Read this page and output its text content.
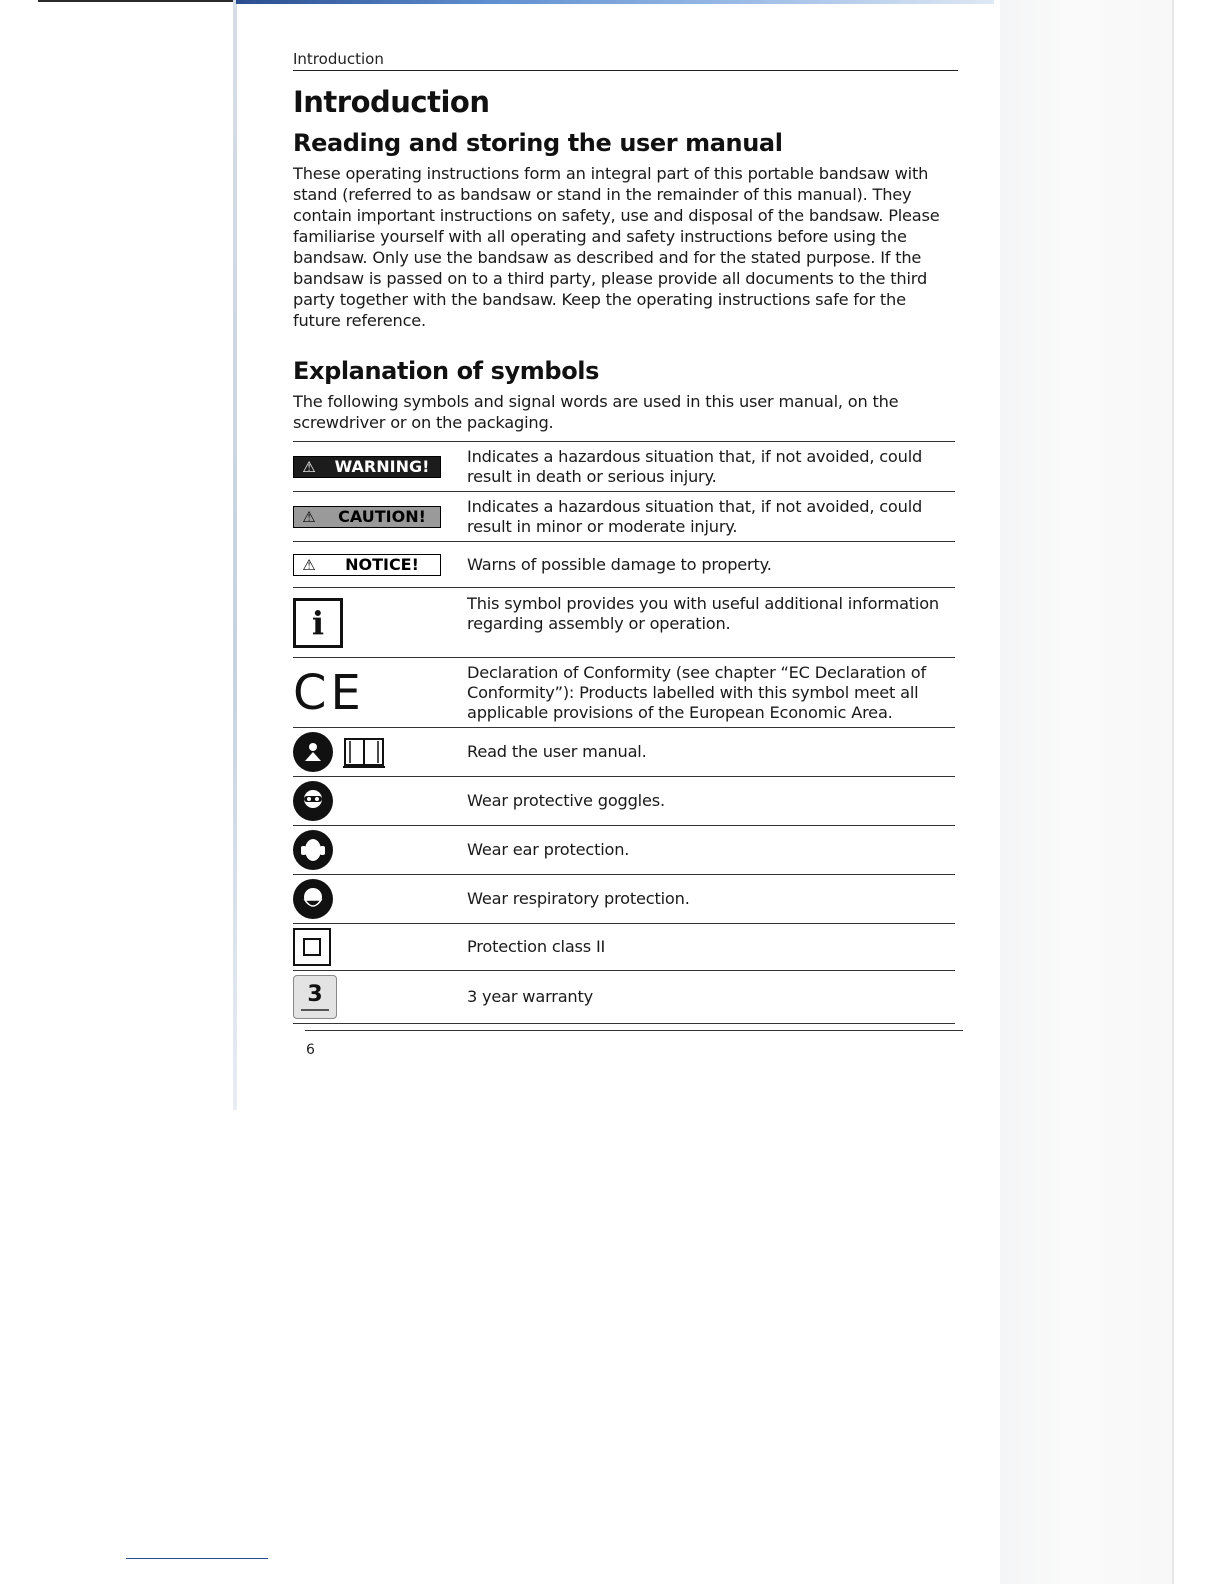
Introduction
Introduction
Reading and storing the user manual

These operating instructions form an integral part of this portable bandsaw with stand (referred to as bandsaw or stand in the remainder of this manual). They contain important instructions on safety, use and disposal of the bandsaw. Please familiarise yourself with all operating and safety instructions before using the bandsaw. Only use the bandsaw as described and for the stated purpose. If the bandsaw is passed on to a third party, please provide all documents to the third party together with the bandsaw. Keep the operating instructions safe for the future reference.

Explanation of symbols

The following symbols and signal words are used in this user manual, on the screwdriver or on the packaging.

⚠ WARNING!	Indicates a hazardous situation that, if not avoided, could result in death or serious injury.

⚠ CAUTION!	Indicates a hazardous situation that, if not avoided, could result in minor or moderate injury.

⚠ NOTICE!	Warns of possible damage to property.

i	This symbol provides you with useful additional information regarding assembly or operation.

CE	Declaration of Conformity (see chapter “EC Declaration of Conformity”): Products labelled with this symbol meet all applicable provisions of the European Economic Area.

	Read the user manual.

	Wear protective goggles.

	Wear ear protection.

	Wear respiratory protection.

	Protection class II

3	3 year warranty
6
